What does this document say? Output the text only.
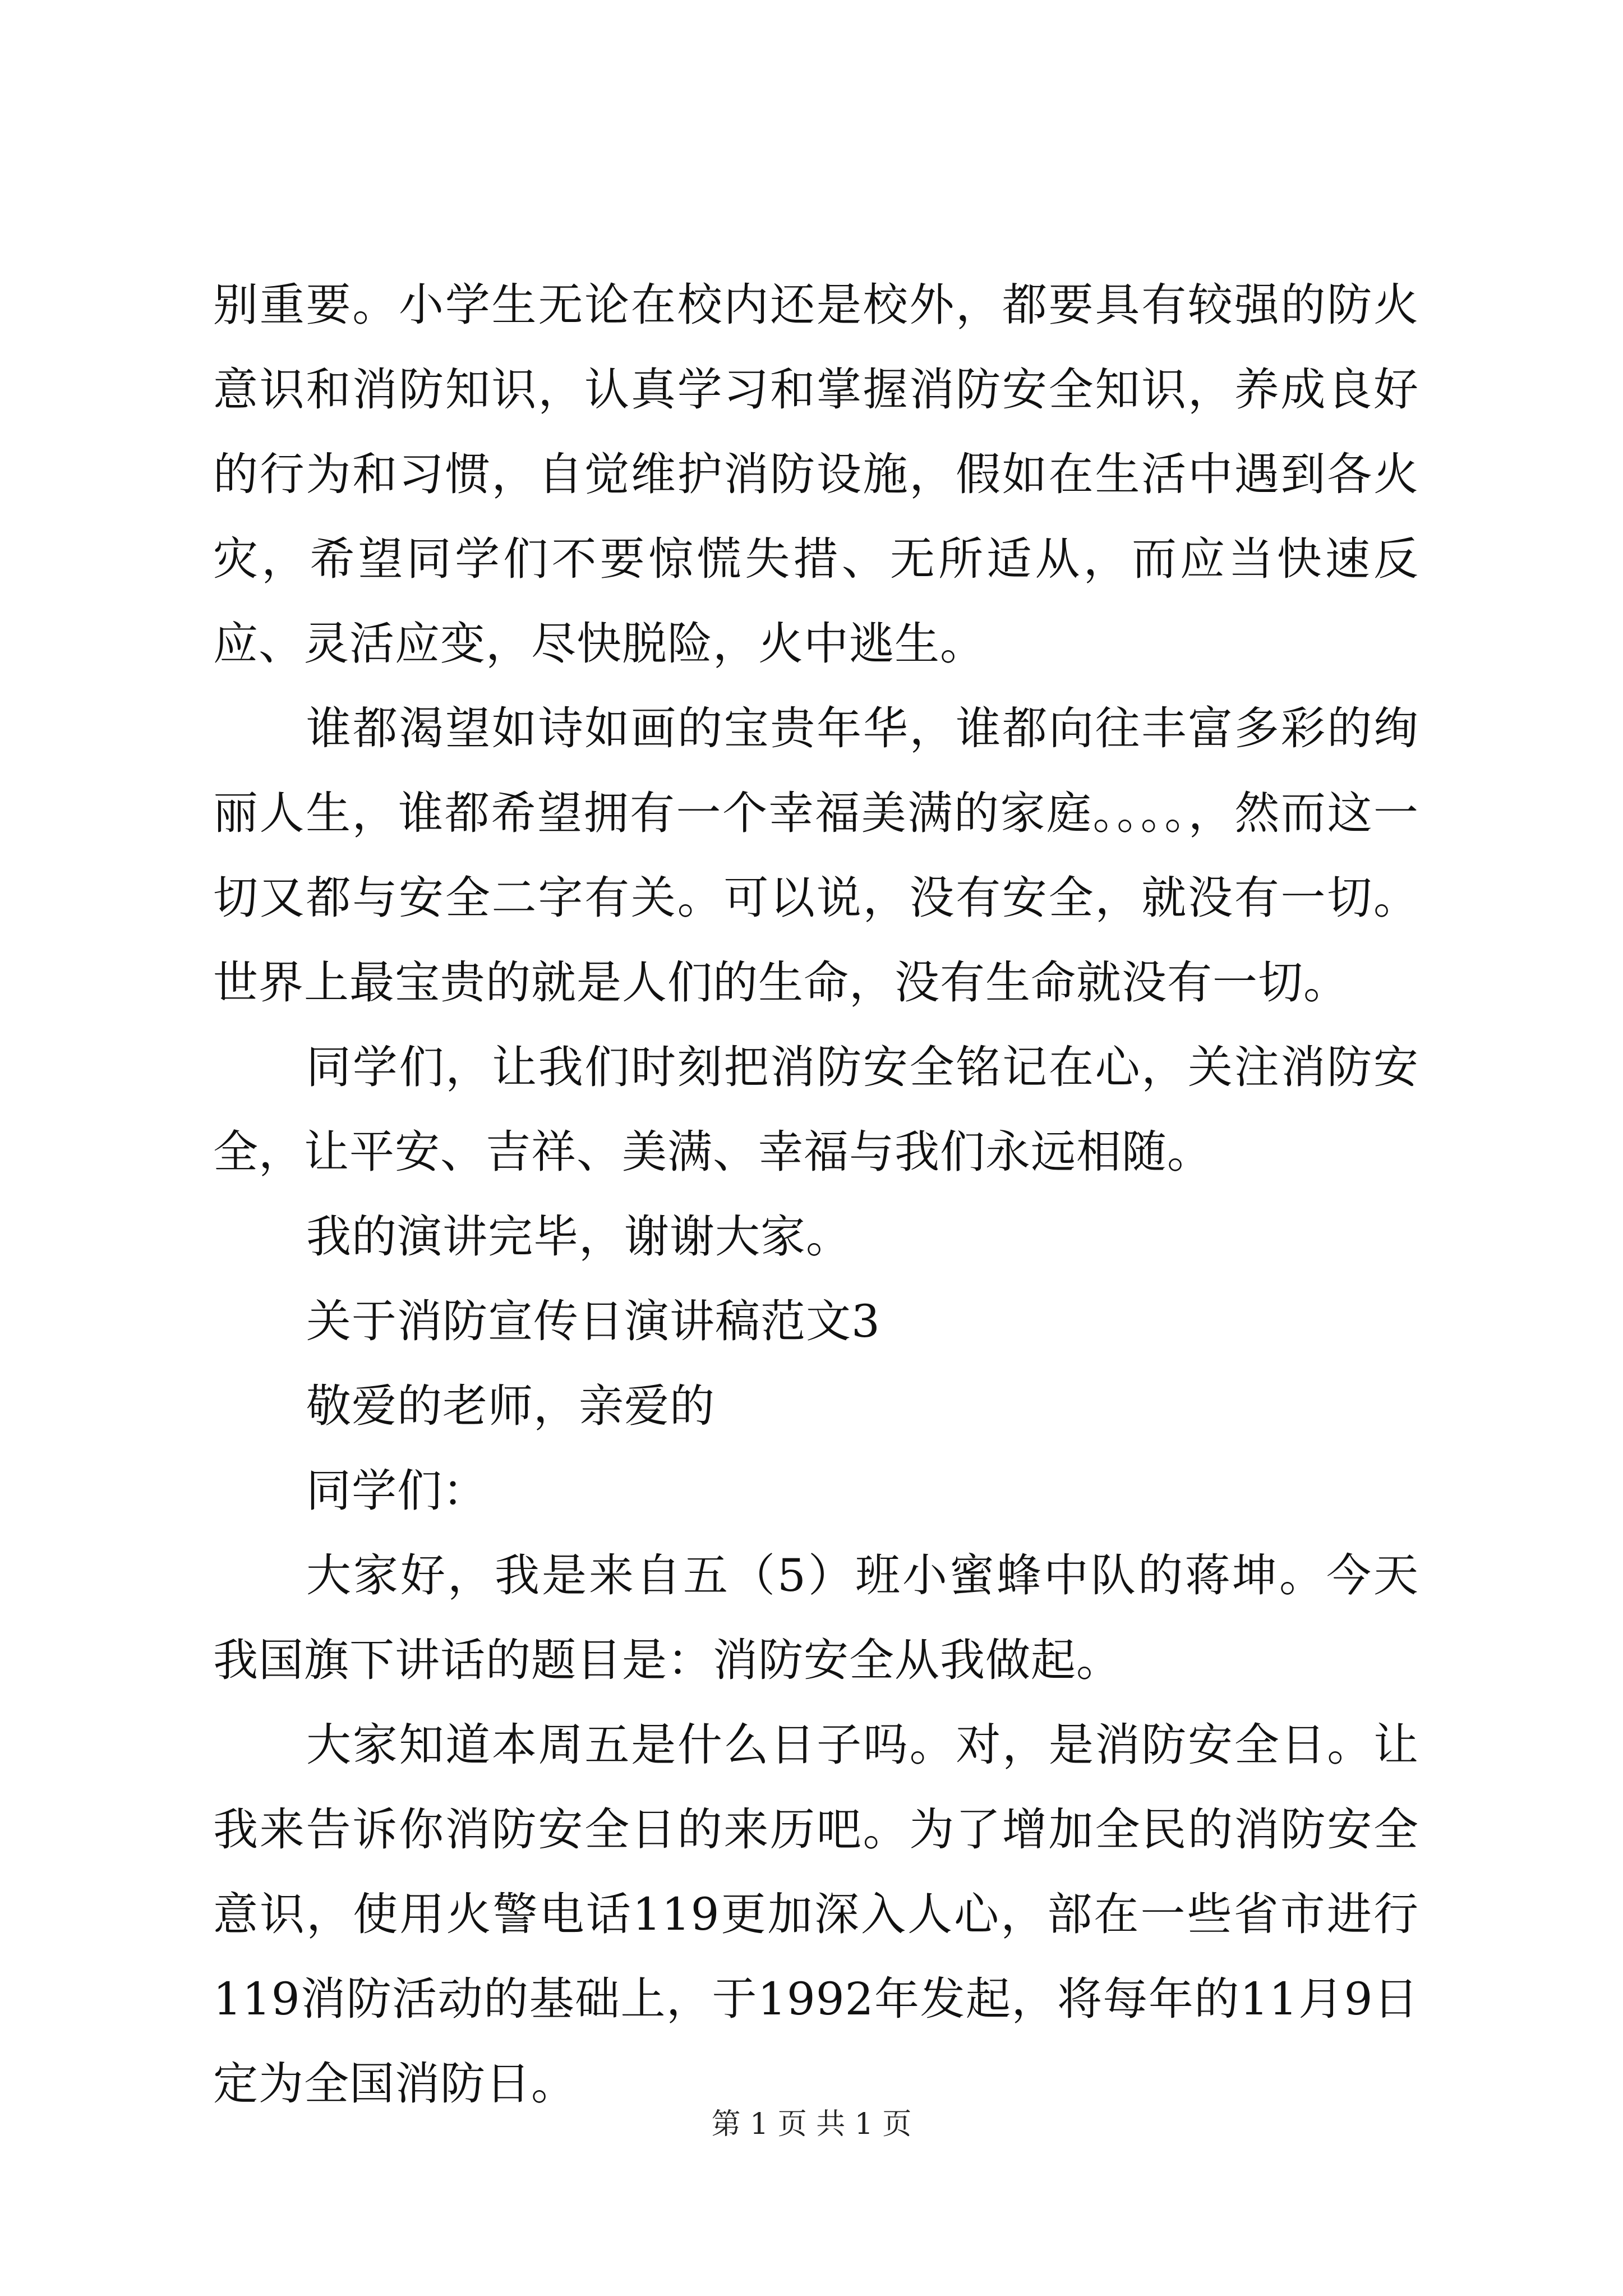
别重要。小学生无论在校内还是校外，都要具有较强的防火意识和消防知识，认真学习和掌握消防安全知识，养成良好的行为和习惯，自觉维护消防设施，假如在生活中遇到各火灾，希望同学们不要惊慌失措、无所适从，而应当快速反应、灵活应变，尽快脱险，火中逃生。

谁都渴望如诗如画的宝贵年华，谁都向往丰富多彩的绚丽人生，谁都希望拥有一个幸福美满的家庭。。。。，然而这一切又都与安全二字有关。可以说，没有安全，就没有一切。世界上最宝贵的就是人们的生命，没有生命就没有一切。

同学们，让我们时刻把消防安全铭记在心，关注消防安全，让平安、吉祥、美满、幸福与我们永远相随。

我的演讲完毕，谢谢大家。

关于消防宣传日演讲稿范文3

敬爱的老师，亲爱的

同学们：

大家好，我是来自五（5）班小蜜蜂中队的蒋坤。今天我国旗下讲话的题目是：消防安全从我做起。

大家知道本周五是什么日子吗。对，是消防安全日。让我来告诉你消防安全日的来历吧。为了增加全民的消防安全意识，使用火警电话119更加深入人心，部在一些省市进行119消防活动的基础上，于1992年发起，将每年的11月9日定为全国消防日。

第 1 页 共 1 页
